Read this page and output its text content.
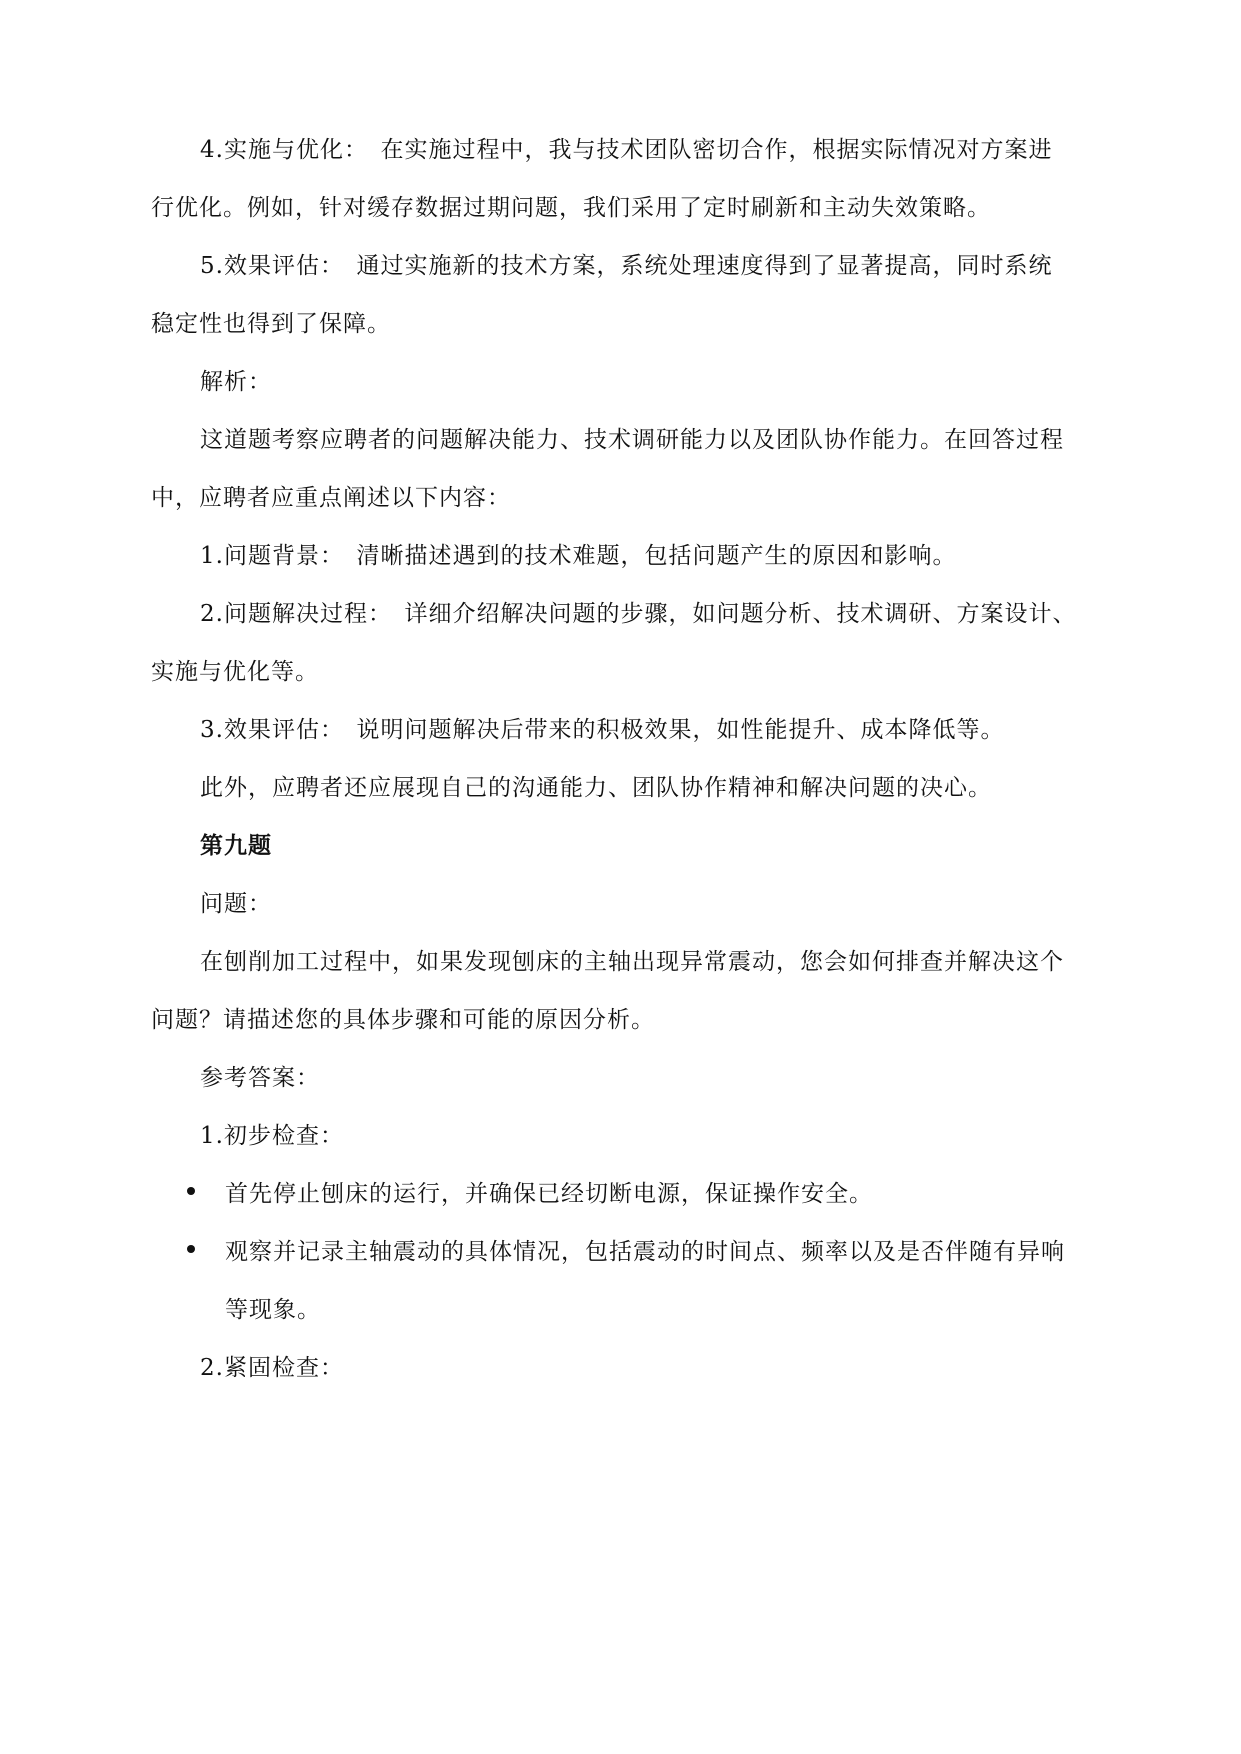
4.实施与优化：　在实施过程中，我与技术团队密切合作，根据实际情况对方案进
行优化。例如，针对缓存数据过期问题，我们采用了定时刷新和主动失效策略。
5.效果评估：　通过实施新的技术方案，系统处理速度得到了显著提高，同时系统
稳定性也得到了保障。
解析：
这道题考察应聘者的问题解决能力、技术调研能力以及团队协作能力。在回答过程
中，应聘者应重点阐述以下内容：
1.问题背景：　清晰描述遇到的技术难题，包括问题产生的原因和影响。
2.问题解决过程：　详细介绍解决问题的步骤，如问题分析、技术调研、方案设计、
实施与优化等。
3.效果评估：　说明问题解决后带来的积极效果，如性能提升、成本降低等。
此外，应聘者还应展现自己的沟通能力、团队协作精神和解决问题的决心。
第九题
问题：
在刨削加工过程中，如果发现刨床的主轴出现异常震动，您会如何排查并解决这个
问题？请描述您的具体步骤和可能的原因分析。
参考答案：
1.初步检查：
首先停止刨床的运行，并确保已经切断电源，保证操作安全。
观察并记录主轴震动的具体情况，包括震动的时间点、频率以及是否伴随有异响
等现象。
2.紧固检查：
